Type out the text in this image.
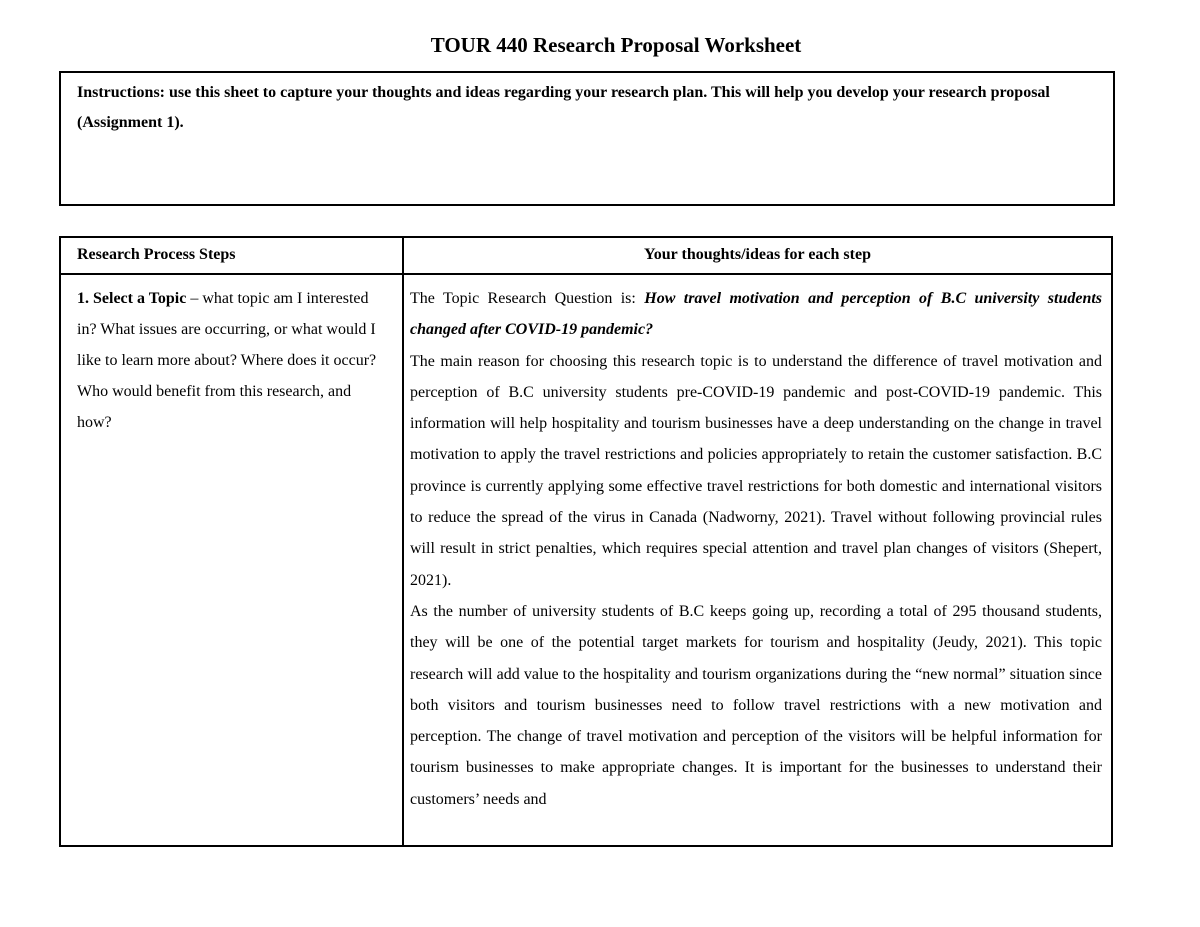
TOUR 440 Research Proposal Worksheet
Instructions: use this sheet to capture your thoughts and ideas regarding your research plan. This will help you develop your research proposal (Assignment 1).
Research Process Steps	Your thoughts/ideas for each step
1. Select a Topic – what topic am I interested in? What issues are occurring, or what would I like to learn more about? Where does it occur? Who would benefit from this research, and how?

The Topic Research Question is: How travel motivation and perception of B.C university students changed after COVID-19 pandemic?

The main reason for choosing this research topic is to understand the difference of travel motivation and perception of B.C university students pre-COVID-19 pandemic and post-COVID-19 pandemic. This information will help hospitality and tourism businesses have a deep understanding on the change in travel motivation to apply the travel restrictions and policies appropriately to retain the customer satisfaction. B.C province is currently applying some effective travel restrictions for both domestic and international visitors to reduce the spread of the virus in Canada (Nadworny, 2021). Travel without following provincial rules will result in strict penalties, which requires special attention and travel plan changes of visitors (Shepert, 2021).

As the number of university students of B.C keeps going up, recording a total of 295 thousand students, they will be one of the potential target markets for tourism and hospitality (Jeudy, 2021). This topic research will add value to the hospitality and tourism organizations during the “new normal” situation since both visitors and tourism businesses need to follow travel restrictions with a new motivation and perception. The change of travel motivation and perception of the visitors will be helpful information for tourism businesses to make appropriate changes. It is important for the businesses to understand their customers’ needs and
